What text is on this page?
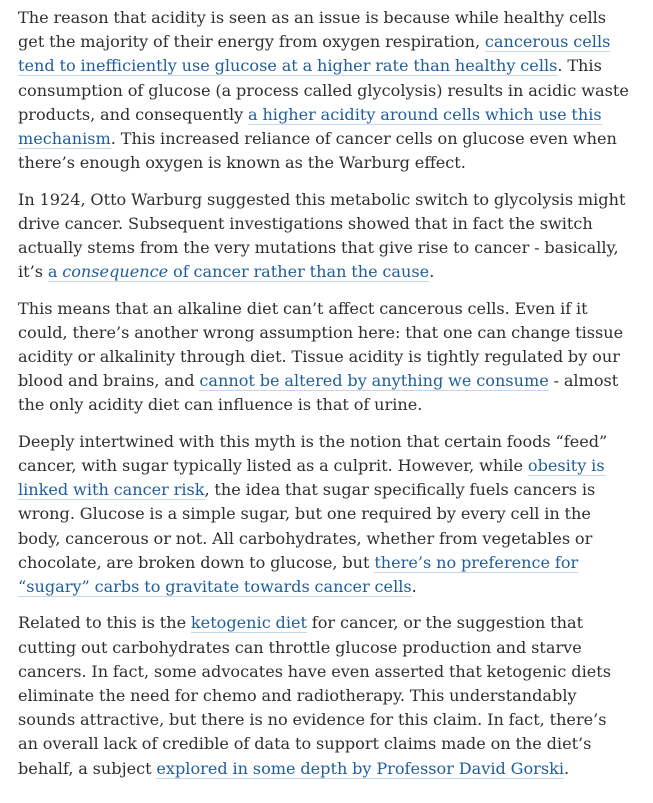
The reason that acidity is seen as an issue is because while healthy cells get the majority of their energy from oxygen respiration, cancerous cells tend to inefficiently use glucose at a higher rate than healthy cells. This consumption of glucose (a process called glycolysis) results in acidic waste products, and consequently a higher acidity around cells which use this mechanism. This increased reliance of cancer cells on glucose even when there’s enough oxygen is known as the Warburg effect.

In 1924, Otto Warburg suggested this metabolic switch to glycolysis might drive cancer. Subsequent investigations showed that in fact the switch actually stems from the very mutations that give rise to cancer - basically, it’s a consequence of cancer rather than the cause.

This means that an alkaline diet can’t affect cancerous cells. Even if it could, there’s another wrong assumption here: that one can change tissue acidity or alkalinity through diet. Tissue acidity is tightly regulated by our blood and brains, and cannot be altered by anything we consume - almost the only acidity diet can influence is that of urine.

Deeply intertwined with this myth is the notion that certain foods “feed” cancer, with sugar typically listed as a culprit. However, while obesity is linked with cancer risk, the idea that sugar specifically fuels cancers is wrong. Glucose is a simple sugar, but one required by every cell in the body, cancerous or not. All carbohydrates, whether from vegetables or chocolate, are broken down to glucose, but there’s no preference for “sugary” carbs to gravitate towards cancer cells.

Related to this is the ketogenic diet for cancer, or the suggestion that cutting out carbohydrates can throttle glucose production and starve cancers. In fact, some advocates have even asserted that ketogenic diets eliminate the need for chemo and radiotherapy. This understandably sounds attractive, but there is no evidence for this claim. In fact, there’s an overall lack of credible of data to support claims made on the diet’s behalf, a subject explored in some depth by Professor David Gorski.
